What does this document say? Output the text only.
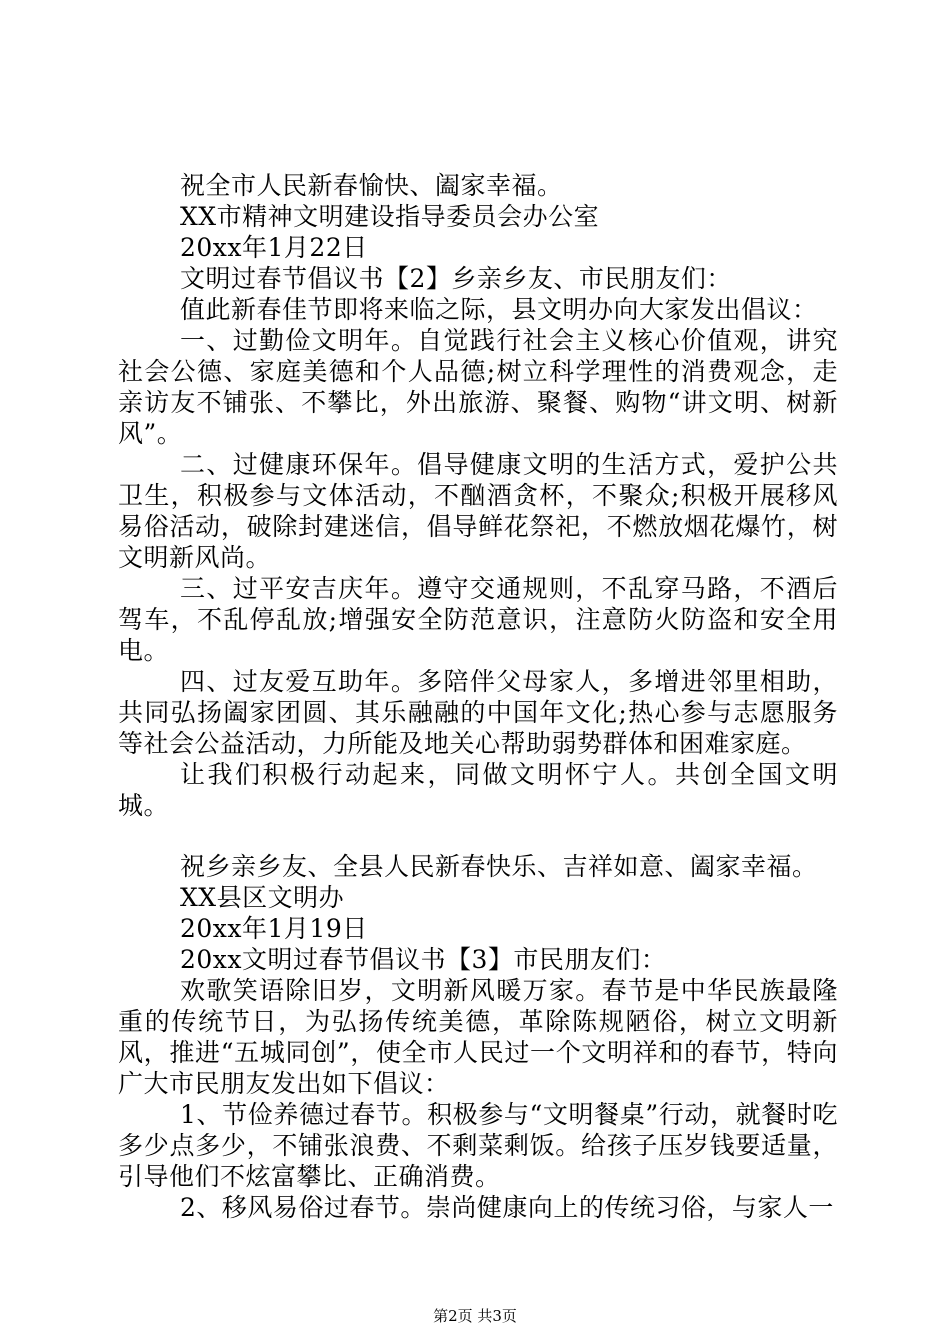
祝全市人民新春愉快、阖家幸福。

XX市精神文明建设指导委员会办公室

20xx年1月22日

文明过春节倡议书【2】乡亲乡友、市民朋友们：

值此新春佳节即将来临之际，县文明办向大家发出倡议：

一、过勤俭文明年。自觉践行社会主义核心价值观，讲究社会公德、家庭美德和个人品德;树立科学理性的消费观念，走亲访友不铺张、不攀比，外出旅游、聚餐、购物“讲文明、树新风”。

二、过健康环保年。倡导健康文明的生活方式，爱护公共卫生，积极参与文体活动，不酗酒贪杯，不聚众;积极开展移风易俗活动，破除封建迷信，倡导鲜花祭祀，不燃放烟花爆竹，树文明新风尚。

三、过平安吉庆年。遵守交通规则，不乱穿马路，不酒后驾车，不乱停乱放;增强安全防范意识，注意防火防盗和安全用电。

四、过友爱互助年。多陪伴父母家人，多增进邻里相助，共同弘扬阖家团圆、其乐融融的中国年文化;热心参与志愿服务等社会公益活动，力所能及地关心帮助弱势群体和困难家庭。

让我们积极行动起来，同做文明怀宁人。共创全国文明城。

祝乡亲乡友、全县人民新春快乐、吉祥如意、阖家幸福。

XX县区文明办

20xx年1月19日

20xx文明过春节倡议书【3】市民朋友们：

欢歌笑语除旧岁，文明新风暖万家。春节是中华民族最隆重的传统节日，为弘扬传统美德，革除陈规陋俗，树立文明新风，推进“五城同创”，使全市人民过一个文明祥和的春节，特向广大市民朋友发出如下倡议：

1、节俭养德过春节。积极参与“文明餐桌”行动，就餐时吃多少点多少，不铺张浪费、不剩菜剩饭。给孩子压岁钱要适量，引导他们不炫富攀比、正确消费。

2、移风易俗过春节。崇尚健康向上的传统习俗，与家人一

第2页 共3页
